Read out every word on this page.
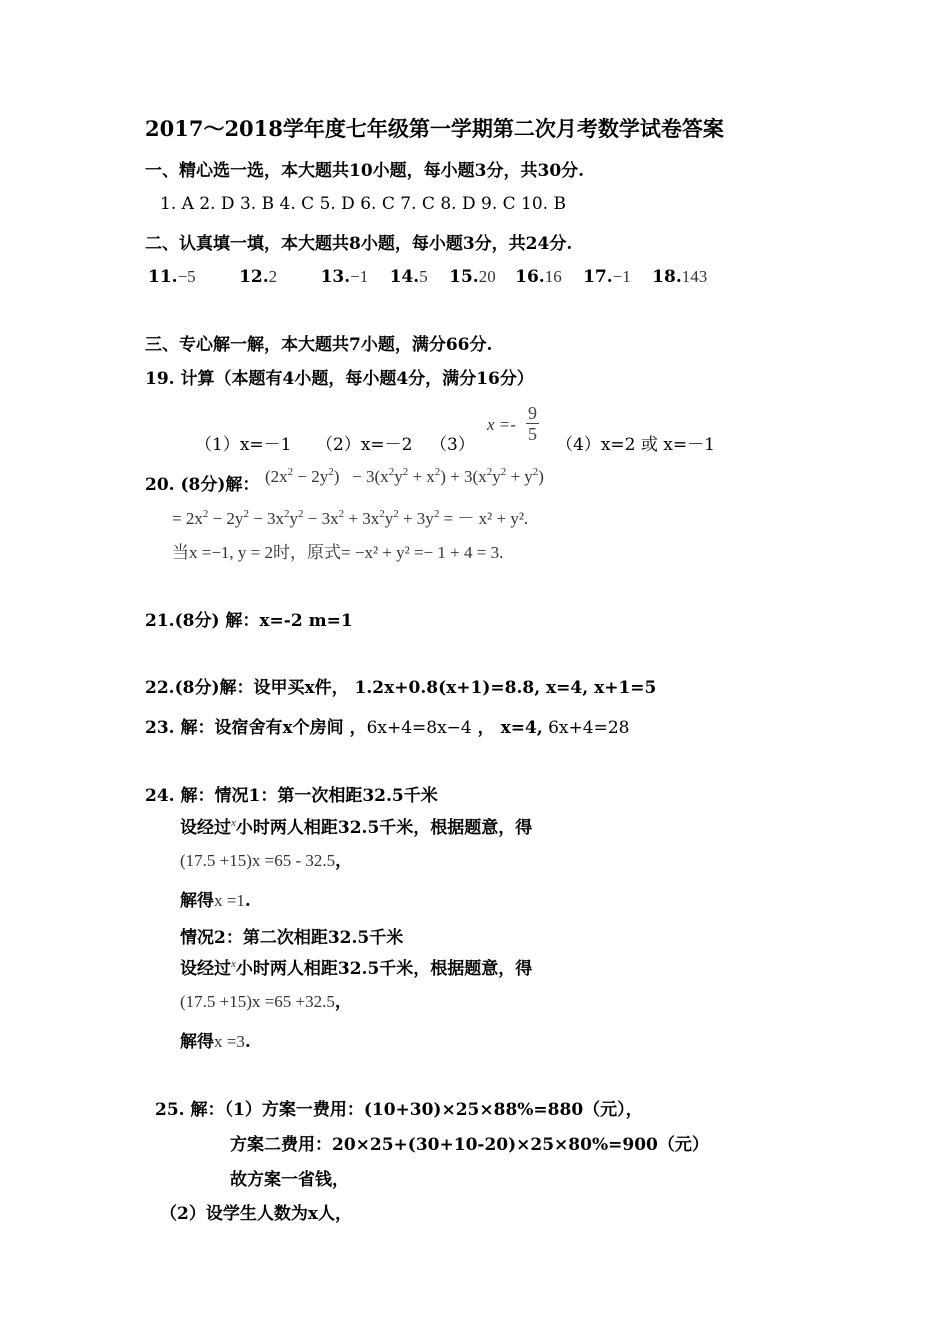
2017～2018学年度七年级第一学期第二次月考数学试卷答案
一、精心选一选，本大题共10小题，每小题3分，共30分.
1. A 2. D 3. B 4. C 5. D 6. C 7. C 8. D 9. C 10. B
二、认真填一填，本大题共8小题，每小题3分，共24分.
11.−5	12.2	13.−1 14.5 15.20 16.16 17.−1 18.143
三、专心解一解，本大题共7小题，满分66分.
19. 计算（本题有4小题，每小题4分，满分16分）
$x =- \frac{9}{5}$
（1）x=－1 （2）x=－2 （3）	（4）x=2 或 x=－1
20. (8分)解： $(2x^2 - 2y^2) - 3(x^2y^2 + x^2) + 3(x^2y^2 + y^2)$
= $2x^2 - 2y^2 - 3x^2y^2 - 3x^2 + 3x^2y^2 + 3y^2$ = － x² + y².
当x =−1, y = 2时，原式= −x² + y² =− 1 + 4 = 3.
21.(8分) 解：x=-2 m=1
22.(8分)解：设甲买x件， 1.2x+0.8(x+1)=8.8, x=4, x+1=5
23. 解：设宿舍有x个房间 ，6x+4=8x−4 ， x=4, 6x+4=28
24. 解：情况1：第一次相距32.5千米
设经过$^x$小时两人相距32.5千米，根据题意，得
(17.5 +15)x =65 - 32.5，
解得x =1.
情况2：第二次相距32.5千米
设经过$^x$小时两人相距32.5千米，根据题意，得
(17.5 +15)x =65 +32.5，
解得x =3.
25. 解：（1）方案一费用：(10+30)×25×88%=880（元），
方案二费用：20×25+(30+10-20)×25×80%=900（元）
故方案一省钱，
（2）设学生人数为x人，
